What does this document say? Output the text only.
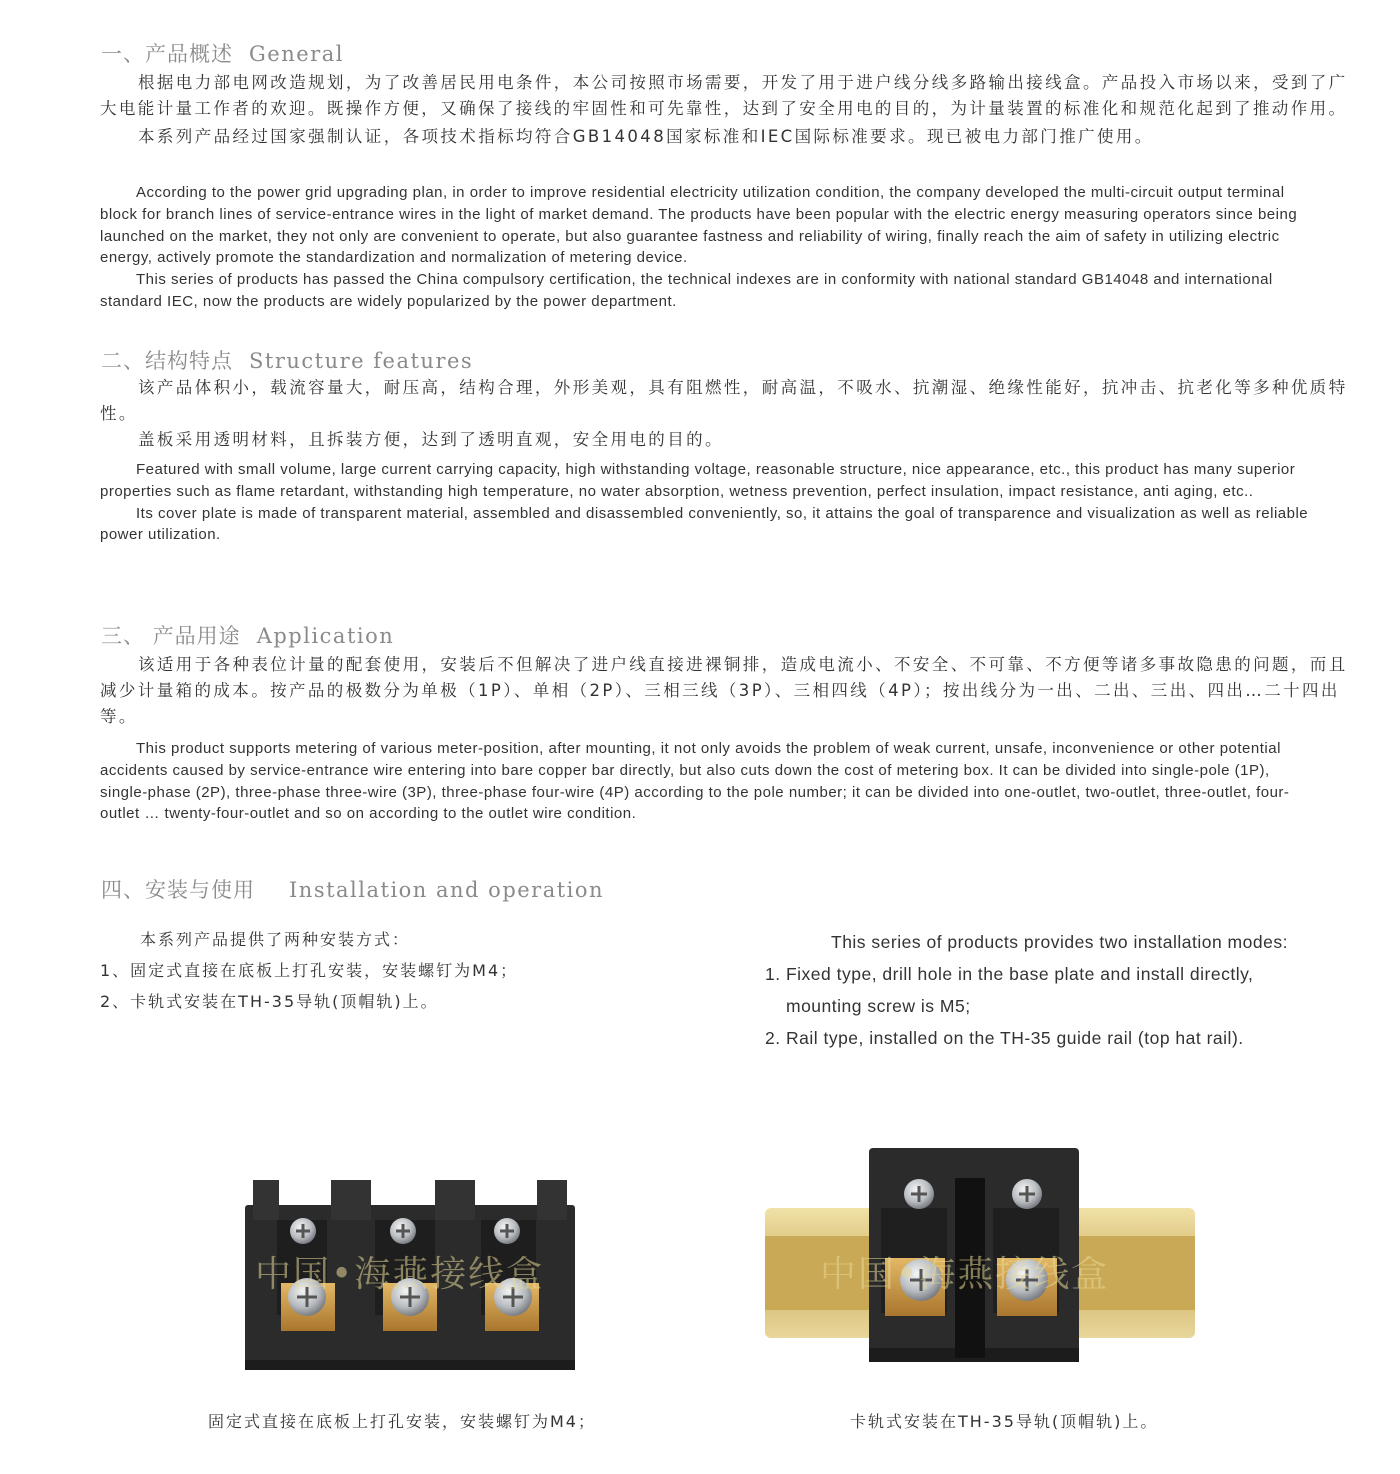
一、产品概述 General

根据电力部电网改造规划，为了改善居民用电条件，本公司按照市场需要，开发了用于进户线分线多路输出接线盒。产品投入市场以来，受到了广大电能计量工作者的欢迎。既操作方便，又确保了接线的牢固性和可先靠性，达到了安全用电的目的，为计量装置的标准化和规范化起到了推动作用。

本系列产品经过国家强制认证，各项技术指标均符合GB14048国家标准和IEC国际标准要求。现已被电力部门推广使用。

According to the power grid upgrading plan, in order to improve residential electricity utilization condition, the company developed the multi-circuit output terminal block for branch lines of service-entrance wires in the light of market demand. The products have been popular with the electric energy measuring operators since being launched on the market, they not only are convenient to operate, but also guarantee fastness and reliability of wiring, finally reach the aim of safety in utilizing electric energy, actively promote the standardization and normalization of metering device.

This series of products has passed the China compulsory certification, the technical indexes are in conformity with national standard GB14048 and international standard IEC, now the products are widely popularized by the power department.

二、结构特点 Structure features

该产品体积小，载流容量大，耐压高，结构合理，外形美观，具有阻燃性，耐高温，不吸水、抗潮湿、绝缘性能好，抗冲击、抗老化等多种优质特性。

盖板采用透明材料，且拆装方便，达到了透明直观，安全用电的目的。

Featured with small volume, large current carrying capacity, high withstanding voltage, reasonable structure, nice appearance, etc., this product has many superior properties such as flame retardant, withstanding high temperature, no water absorption, wetness prevention, perfect insulation, impact resistance, anti aging, etc..

Its cover plate is made of transparent material, assembled and disassembled conveniently, so, it attains the goal of transparence and visualization as well as reliable power utilization.

三、 产品用途 Application

该适用于各种表位计量的配套使用，安装后不但解决了进户线直接进裸铜排，造成电流小、不安全、不可靠、不方便等诸多事故隐患的问题，而且减少计量箱的成本。按产品的极数分为单极（1P）、单相（2P）、三相三线（3P）、三相四线（4P）；按出线分为一出、二出、三出、四出…二十四出等。

This product supports metering of various meter-position, after mounting, it not only avoids the problem of weak current, unsafe, inconvenience or other potential accidents caused by service-entrance wire entering into bare copper bar directly, but also cuts down the cost of metering box. It can be divided into single-pole (1P), single-phase (2P), three-phase three-wire (3P), three-phase four-wire (4P) according to the pole number; it can be divided into one-outlet, two-outlet, three-outlet, four-outlet … twenty-four-outlet and so on according to the outlet wire condition.

四、安装与使用 Installation and operation
本系列产品提供了两种安装方式：
1、固定式直接在底板上打孔安装，安装螺钉为M4；
2、卡轨式安装在TH-35导轨(顶帽轨)上。
This series of products provides two installation modes:
1. Fixed type, drill hole in the base plate and install directly,
mounting screw is M5;
2. Rail type, installed on the TH-35 guide rail (top hat rail).
中国•海燕接线盒	中国•海燕接线盒
固定式直接在底板上打孔安装，安装螺钉为M4；	卡轨式安装在TH-35导轨(顶帽轨)上。
